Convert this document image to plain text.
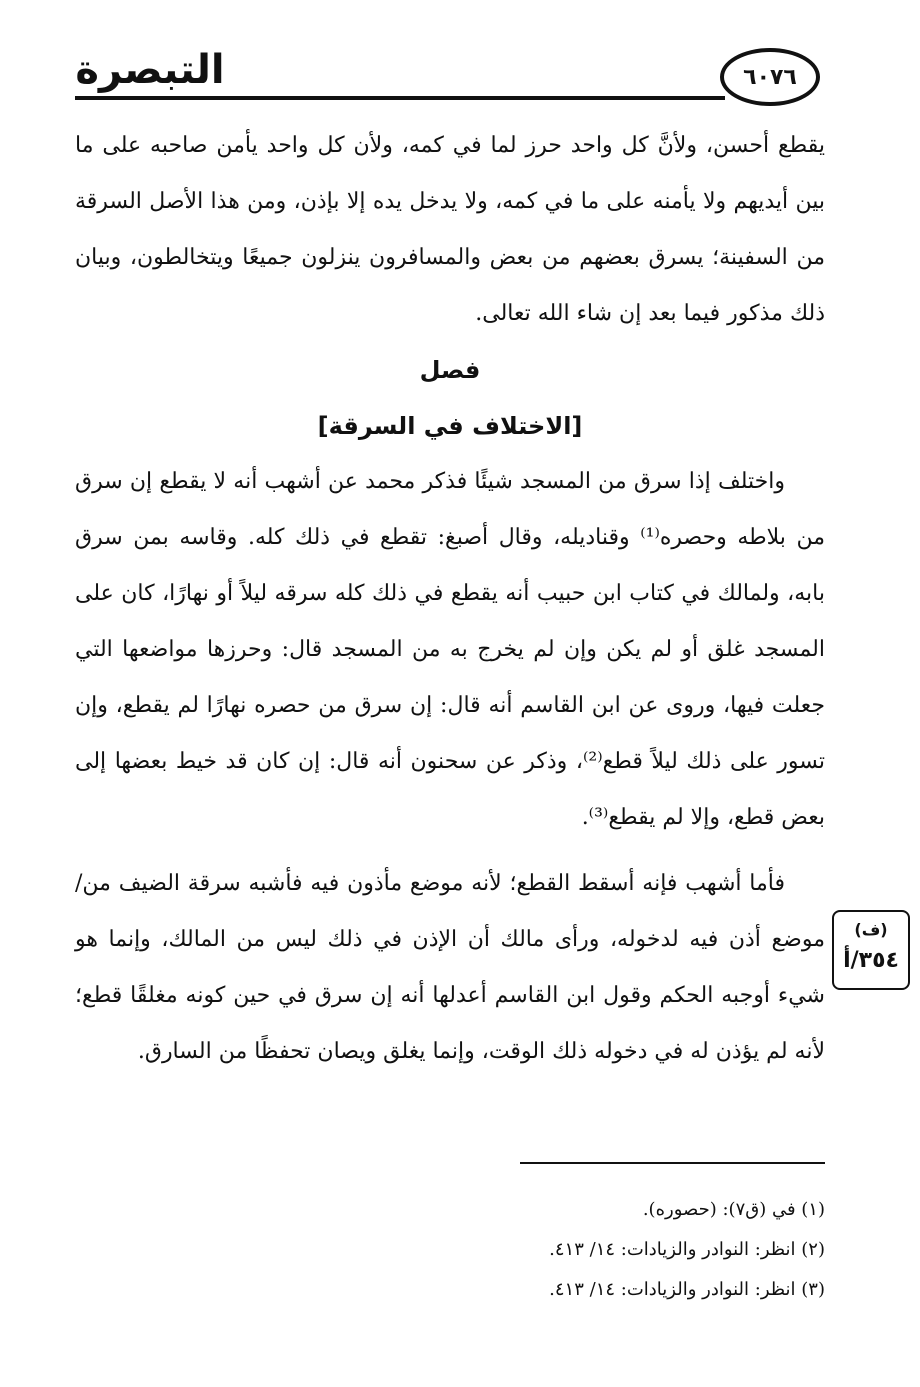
التبصرة	٦٠٧٦

يقطع أحسن، ولأنَّ كل واحد حرز لما في كمه، ولأن كل واحد يأمن صاحبه على ما بين أيديهم ولا يأمنه على ما في كمه، ولا يدخل يده إلا بإذن، ومن هذا الأصل السرقة من السفينة؛ يسرق بعضهم من بعض والمسافرون ينزلون جميعًا ويتخالطون، وبيان ذلك مذكور فيما بعد إن شاء الله تعالى.

فصل

[الاختلاف في السرقة]

واختلف إذا سرق من المسجد شيئًا فذكر محمد عن أشهب أنه لا يقطع إن سرق من بلاطه وحصره⁽¹⁾ وقناديله، وقال أصبغ: تقطع في ذلك كله. وقاسه بمن سرق بابه، ولمالك في كتاب ابن حبيب أنه يقطع في ذلك كله سرقه ليلاً أو نهارًا، كان على المسجد غلق أو لم يكن وإن لم يخرج به من المسجد قال: وحرزها مواضعها التي جعلت فيها، وروى عن ابن القاسم أنه قال: إن سرق من حصره نهارًا لم يقطع، وإن تسور على ذلك ليلاً قطع⁽²⁾، وذكر عن سحنون أنه قال: إن كان قد خيط بعضها إلى بعض قطع، وإلا لم يقطع⁽³⁾.

فأما أشهب فإنه أسقط القطع؛ لأنه موضع مأذون فيه فأشبه سرقة الضيف من/ موضع أذن فيه لدخوله، ورأى مالك أن الإذن في ذلك ليس من المالك، وإنما هو شيء أوجبه الحكم وقول ابن القاسم أعدلها أنه إن سرق في حين كونه مغلقًا قطع؛ لأنه لم يؤذن له في دخوله ذلك الوقت، وإنما يغلق ويصان تحفظًا من السارق.

(ف)
٣٥٤/أ

(١) في (ق٧): (حصوره).

(٢) انظر: النوادر والزيادات: ١٤/ ٤١٣.

(٣) انظر: النوادر والزيادات: ١٤/ ٤١٣.
